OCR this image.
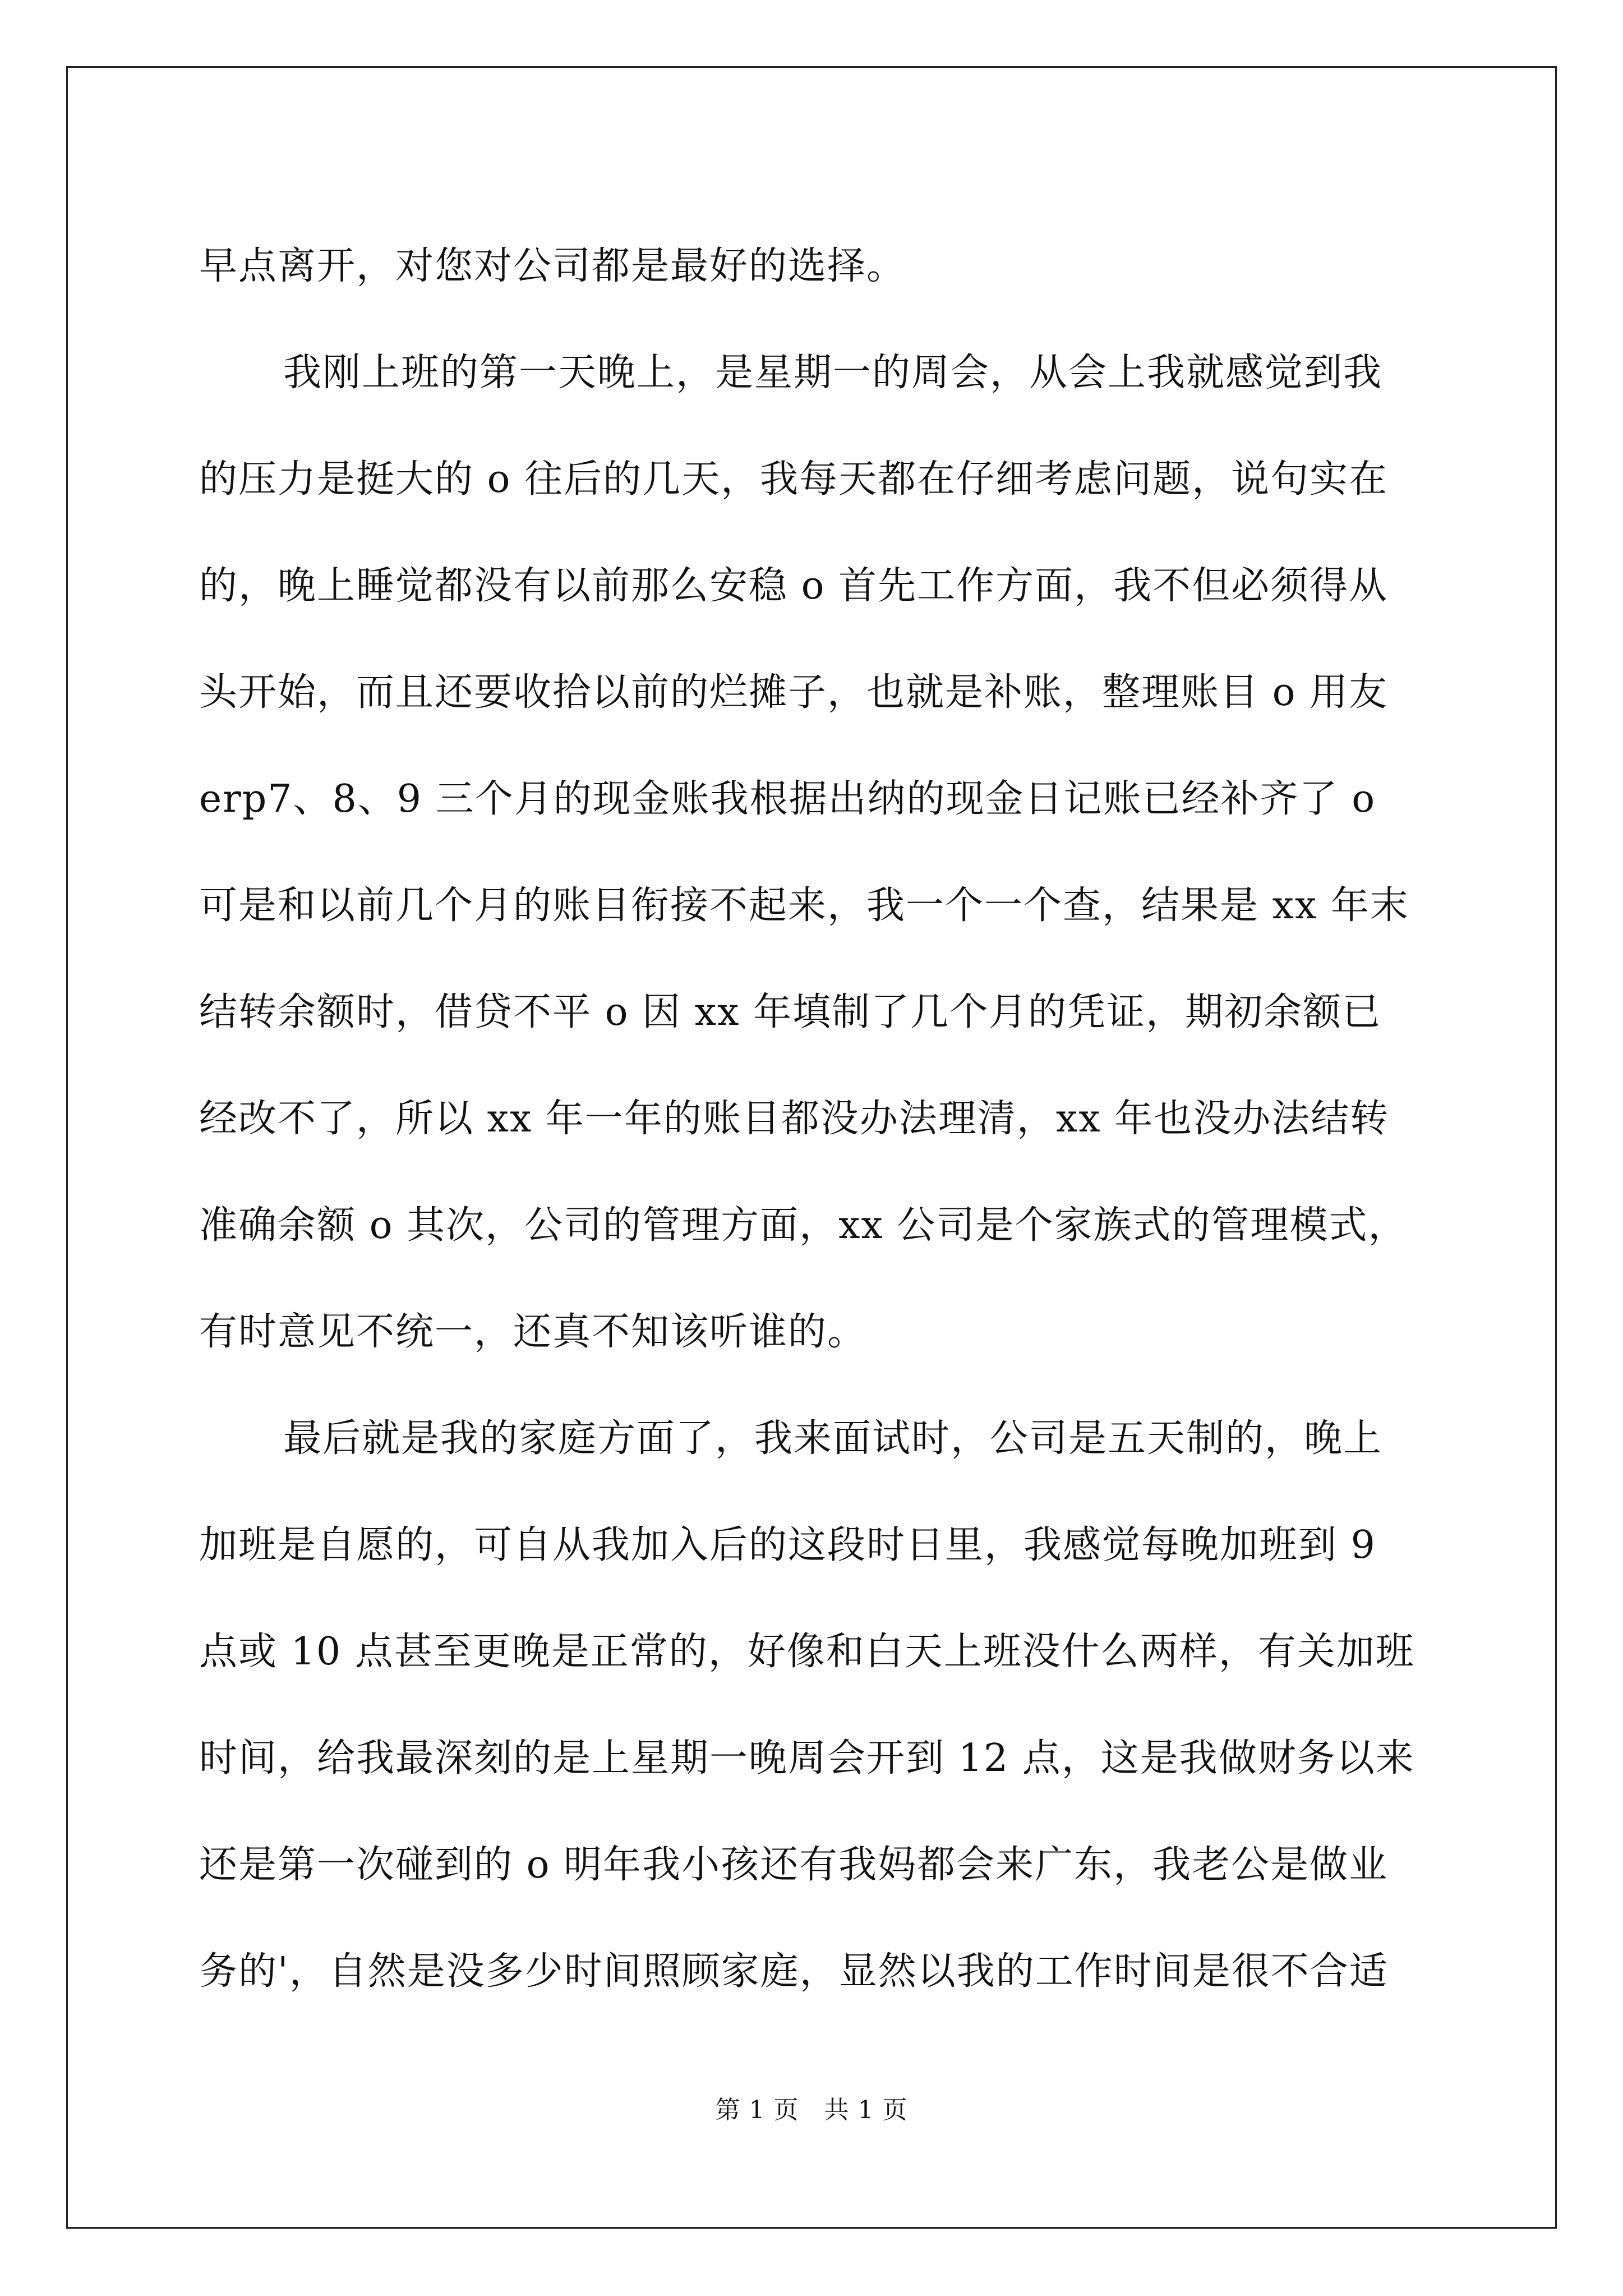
早点离开，对您对公司都是最好的选择。
我刚上班的第一天晚上，是星期一的周会，从会上我就感觉到我
的压力是挺大的 o 往后的几天，我每天都在仔细考虑问题，说句实在
的，晚上睡觉都没有以前那么安稳 o 首先工作方面，我不但必须得从
头开始，而且还要收拾以前的烂摊子，也就是补账，整理账目 o 用友
erp7、8、9 三个月的现金账我根据出纳的现金日记账已经补齐了 o
可是和以前几个月的账目衔接不起来，我一个一个查，结果是 xx 年末
结转余额时，借贷不平 o 因 xx 年填制了几个月的凭证，期初余额已
经改不了，所以 xx 年一年的账目都没办法理清，xx 年也没办法结转
准确余额 o 其次，公司的管理方面，xx 公司是个家族式的管理模式，
有时意见不统一，还真不知该听谁的。
最后就是我的家庭方面了，我来面试时，公司是五天制的，晚上
加班是自愿的，可自从我加入后的这段时日里，我感觉每晚加班到 9
点或 10 点甚至更晚是正常的，好像和白天上班没什么两样，有关加班
时间，给我最深刻的是上星期一晚周会开到 12 点，这是我做财务以来
还是第一次碰到的 o 明年我小孩还有我妈都会来广东，我老公是做业
务的'，自然是没多少时间照顾家庭，显然以我的工作时间是很不合适
第 1 页　共 1 页
